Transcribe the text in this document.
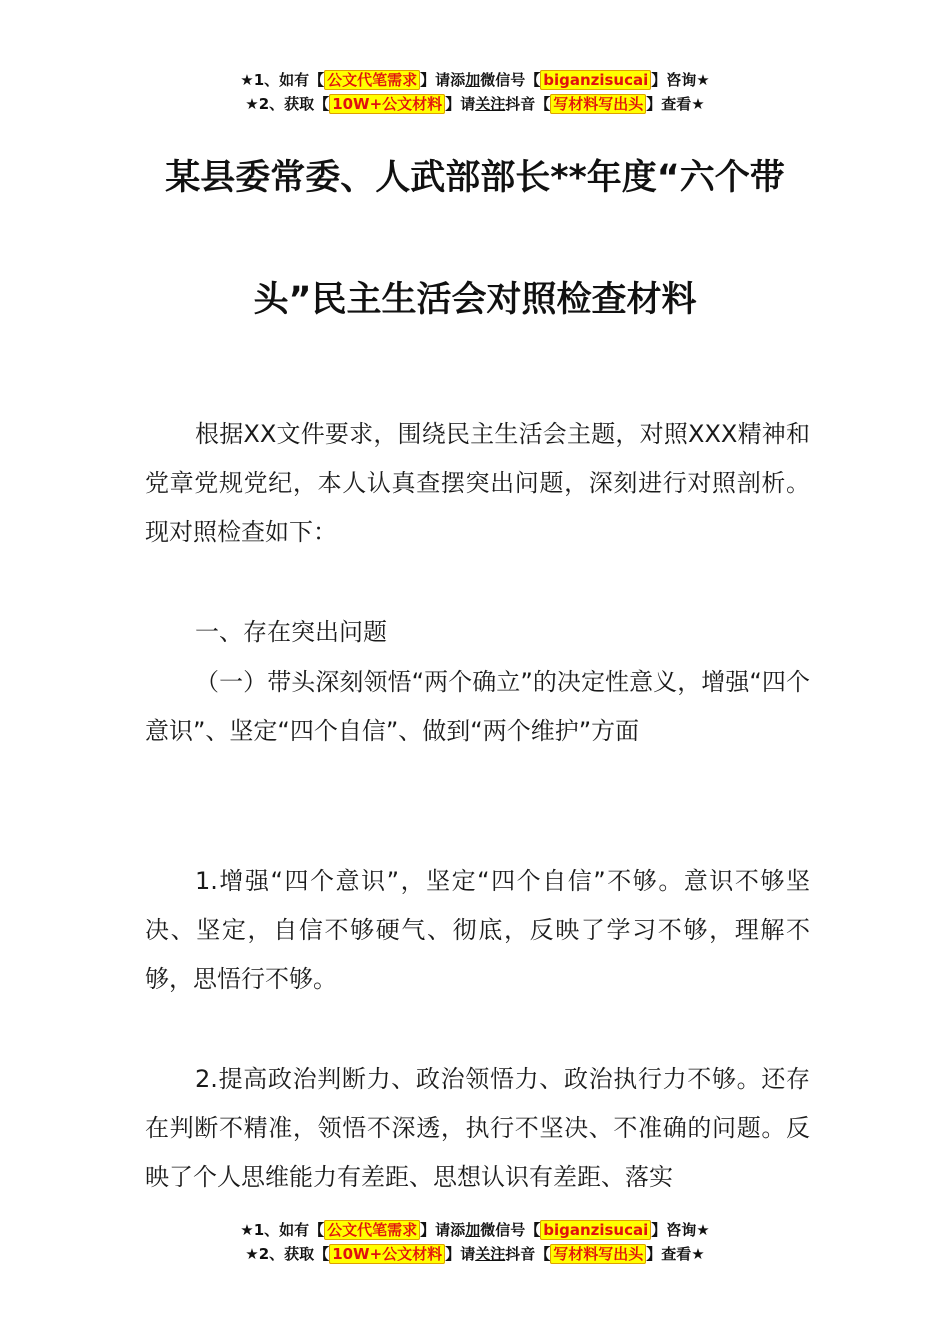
★1、如有【 公文代笔需求 】请添加微信号【 biganzisucai 】咨询★
★2、获取【 10W+公文材料 】请关注抖音【 写材料写出头 】查看★
某县委常委、人武部部长**年度“六个带
头”民主生活会对照检查材料
根据XX文件要求，围绕民主生活会主题，对照XXX精神和党章党规党纪，本人认真查摆突出问题，深刻进行对照剖析。现对照检查如下：
一、存在突出问题
（一）带头深刻领悟“两个确立”的决定性意义，增强“四个意识”、坚定“四个自信”、做到“两个维护”方面
1.增强“四个意识”，坚定“四个自信”不够。意识不够坚决、坚定，自信不够硬气、彻底，反映了学习不够，理解不够，思悟行不够。
2.提高政治判断力、政治领悟力、政治执行力不够。还存在判断不精准，领悟不深透，执行不坚决、不准确的问题。反映了个人思维能力有差距、思想认识有差距、落实
★1、如有【 公文代笔需求 】请添加微信号【 biganzisucai 】咨询★
★2、获取【 10W+公文材料 】请关注抖音【 写材料写出头 】查看★
